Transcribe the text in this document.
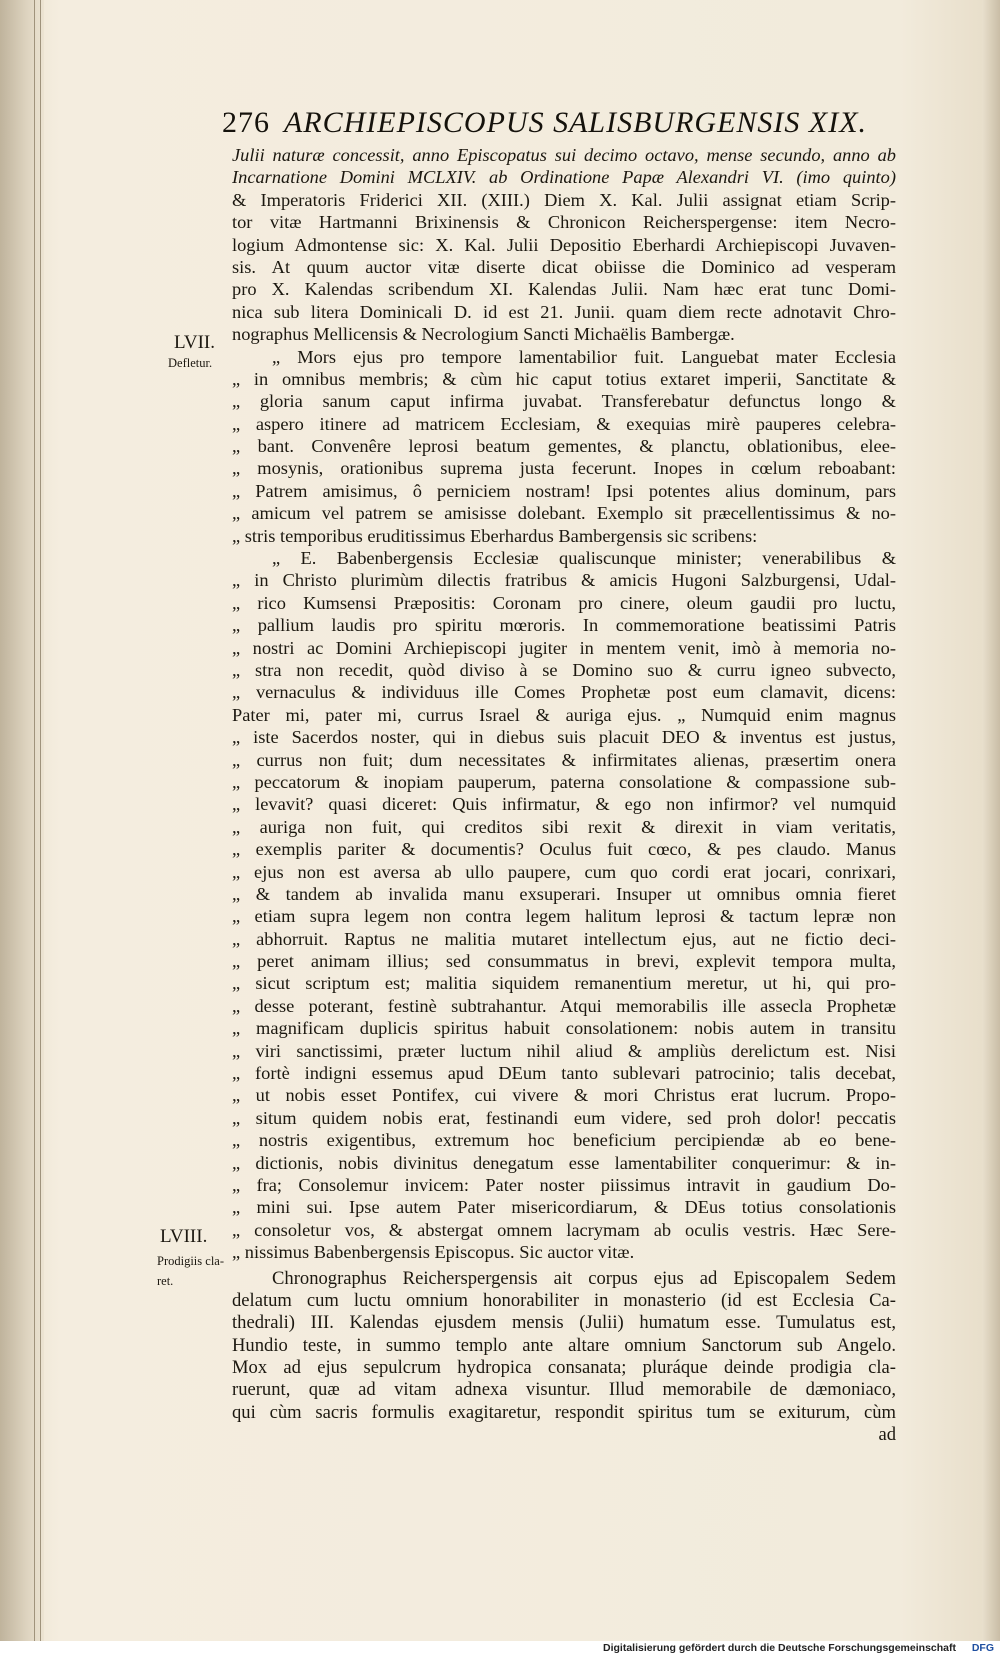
276 ARCHIEPISCOPUS SALISBURGENSIS XIX.
LVII.
Defletur.
LVIII.
Prodigiis cla-
ret.
Julii naturæ concessit, anno Episcopatus sui decimo octavo, mense secundo, anno ab
Incarnatione Domini MCLXIV. ab Ordinatione Papæ Alexandri VI. (imo quinto)
& Imperatoris Friderici XII. (XIII.) Diem X. Kal. Julii assignat etiam Scrip-
tor vitæ Hartmanni Brixinensis & Chronicon Reicherspergense: item Necro-
logium Admontense sic: X. Kal. Julii Depositio Eberhardi Archiepiscopi Juvaven-
sis. At quum auctor vitæ diserte dicat obiisse die Dominico ad vesperam
pro X. Kalendas scribendum XI. Kalendas Julii. Nam hæc erat tunc Domi-
nica sub litera Dominicali D. id est 21. Junii. quam diem recte adnotavit Chro-
nographus Mellicensis & Necrologium Sancti Michaëlis Bambergæ.
„ Mors ejus pro tempore lamentabilior fuit. Languebat mater Ecclesia
„ in omnibus membris; & cùm hic caput totius extaret imperii, Sanctitate &
„ gloria sanum caput infirma juvabat. Transferebatur defunctus longo &
„ aspero itinere ad matricem Ecclesiam, & exequias mirè pauperes celebra-
„ bant. Convenêre leprosi beatum gementes, & planctu, oblationibus, elee-
„ mosynis, orationibus suprema justa fecerunt. Inopes in cœlum reboabant:
„ Patrem amisimus, ô perniciem nostram! Ipsi potentes alius dominum, pars
„ amicum vel patrem se amisisse dolebant. Exemplo sit præcellentissimus & no-
„ stris temporibus eruditissimus Eberhardus Bambergensis sic scribens:
„ E. Babenbergensis Ecclesiæ qualiscunque minister; venerabilibus &
„ in Christo plurimùm dilectis fratribus & amicis Hugoni Salzburgensi, Udal-
„ rico Kumsensi Præpositis: Coronam pro cinere, oleum gaudii pro luctu,
„ pallium laudis pro spiritu mœroris. In commemoratione beatissimi Patris
„ nostri ac Domini Archiepiscopi jugiter in mentem venit, imò à memoria no-
„ stra non recedit, quòd diviso à se Domino suo & curru igneo subvecto,
„ vernaculus & individuus ille Comes Prophetæ post eum clamavit, dicens:
Pater mi, pater mi, currus Israel & auriga ejus. „ Numquid enim magnus
„ iste Sacerdos noster, qui in diebus suis placuit DEO & inventus est justus,
„ currus non fuit; dum necessitates & infirmitates alienas, præsertim onera
„ peccatorum & inopiam pauperum, paterna consolatione & compassione sub-
„ levavit? quasi diceret: Quis infirmatur, & ego non infirmor? vel numquid
„ auriga non fuit, qui creditos sibi rexit & direxit in viam veritatis,
„ exemplis pariter & documentis? Oculus fuit cœco, & pes claudo. Manus
„ ejus non est aversa ab ullo paupere, cum quo cordi erat jocari, conrixari,
„ & tandem ab invalida manu exsuperari. Insuper ut omnibus omnia fieret
„ etiam supra legem non contra legem halitum leprosi & tactum lepræ non
„ abhorruit. Raptus ne malitia mutaret intellectum ejus, aut ne fictio deci-
„ peret animam illius; sed consummatus in brevi, explevit tempora multa,
„ sicut scriptum est; malitia siquidem remanentium meretur, ut hi, qui pro-
„ desse poterant, festinè subtrahantur. Atqui memorabilis ille assecla Prophetæ
„ magnificam duplicis spiritus habuit consolationem: nobis autem in transitu
„ viri sanctissimi, præter luctum nihil aliud & ampliùs derelictum est. Nisi
„ fortè indigni essemus apud DEum tanto sublevari patrocinio; talis decebat,
„ ut nobis esset Pontifex, cui vivere & mori Christus erat lucrum. Propo-
„ situm quidem nobis erat, festinandi eum videre, sed proh dolor! peccatis
„ nostris exigentibus, extremum hoc beneficium percipiendæ ab eo bene-
„ dictionis, nobis divinitus denegatum esse lamentabiliter conquerimur: & in-
„ fra; Consolemur invicem: Pater noster piissimus intravit in gaudium Do-
„ mini sui. Ipse autem Pater misericordiarum, & DEus totius consolationis
„ consoletur vos, & abstergat omnem lacrymam ab oculis vestris. Hæc Sere-
„ nissimus Babenbergensis Episcopus. Sic auctor vitæ.
Chronographus Reicherspergensis ait corpus ejus ad Episcopalem Sedem
delatum cum luctu omnium honorabiliter in monasterio (id est Ecclesia Ca-
thedrali) III. Kalendas ejusdem mensis (Julii) humatum esse. Tumulatus est,
Hundio teste, in summo templo ante altare omnium Sanctorum sub Angelo.
Mox ad ejus sepulcrum hydropica consanata; pluráque deinde prodigia cla-
ruerunt, quæ ad vitam adnexa visuntur. Illud memorabile de dæmoniaco,
qui cùm sacris formulis exagitaretur, respondit spiritus tum se exiturum, cùm
ad
Digitalisierung gefördert durch die Deutsche Forschungsgemeinschaft DFG
